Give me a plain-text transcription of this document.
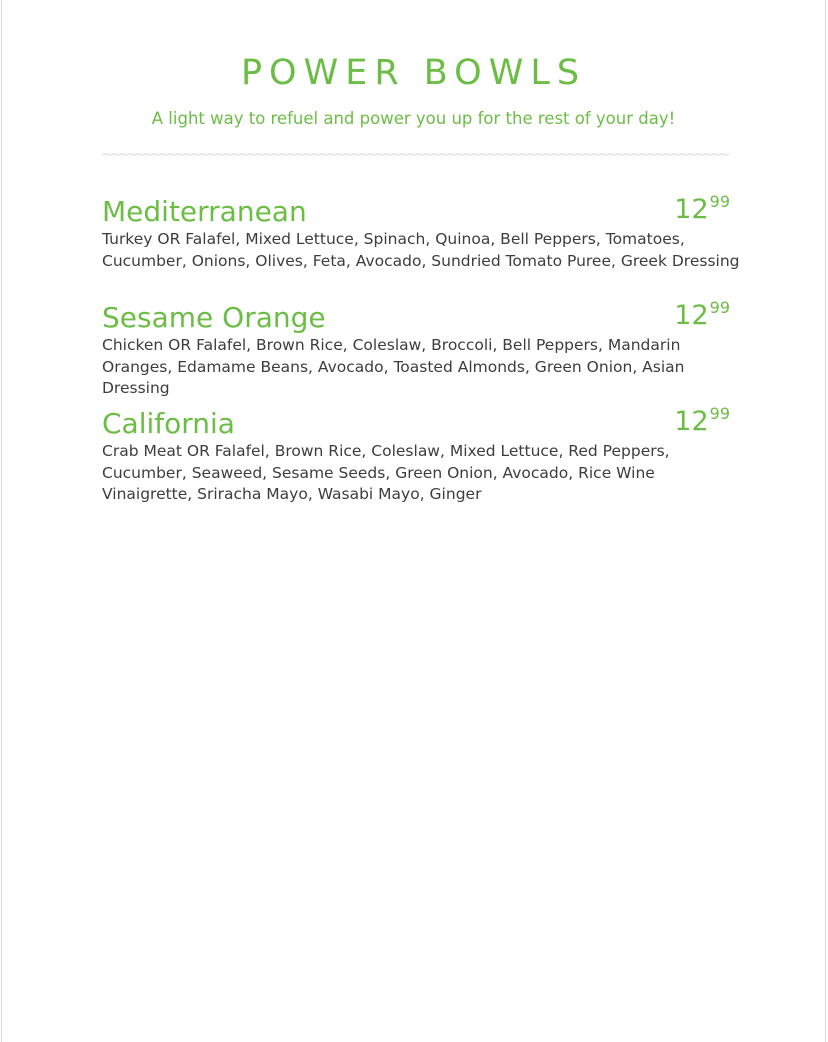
POWER BOWLS
A light way to refuel and power you up for the rest of your day!
Mediterranean	$12^{99}$
Turkey OR Falafel, Mixed Lettuce, Spinach, Quinoa, Bell Peppers, Tomatoes, Cucumber, Onions, Olives, Feta, Avocado, Sundried Tomato Puree, Greek Dressing
Sesame Orange	$12^{99}$
Chicken OR Falafel, Brown Rice, Coleslaw, Broccoli, Bell Peppers, Mandarin Oranges, Edamame Beans, Avocado, Toasted Almonds, Green Onion, Asian Dressing
California	$12^{99}$
Crab Meat OR Falafel, Brown Rice, Coleslaw, Mixed Lettuce, Red Peppers, Cucumber, Seaweed, Sesame Seeds, Green Onion, Avocado, Rice Wine Vinaigrette, Sriracha Mayo, Wasabi Mayo, Ginger
